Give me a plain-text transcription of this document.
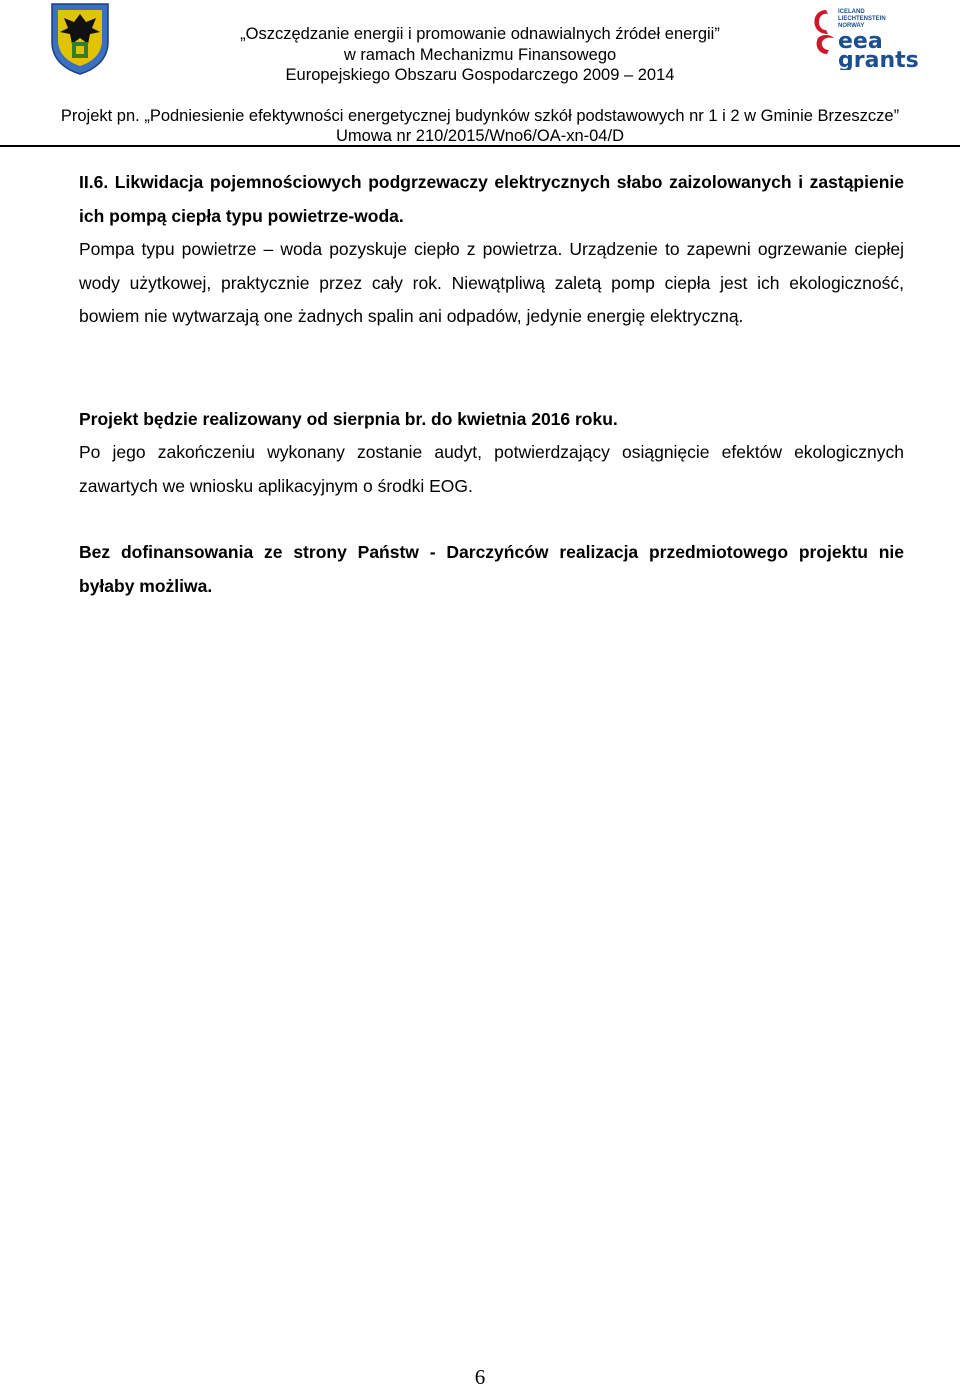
ICELAND
LIECHTENSTEIN
NORWAY
eea
grants
„Oszczędzanie energii i promowanie odnawialnych źródeł energii”
w ramach Mechanizmu Finansowego
Europejskiego Obszaru Gospodarczego 2009 – 2014
Projekt pn. „Podniesienie efektywności energetycznej budynków szkół podstawowych nr 1 i 2 w Gminie Brzeszcze”
Umowa nr 210/2015/Wno6/OA-xn-04/D
II.6. Likwidacja pojemnościowych podgrzewaczy elektrycznych słabo zaizolowanych i zastąpienie ich pompą ciepła typu powietrze-woda.
Pompa typu powietrze – woda pozyskuje ciepło z powietrza. Urządzenie to zapewni ogrzewanie ciepłej wody użytkowej, praktycznie przez cały rok. Niewątpliwą zaletą pomp ciepła jest ich ekologiczność, bowiem nie wytwarzają one żadnych spalin ani odpadów, jedynie energię elektryczną.
Projekt będzie realizowany od sierpnia br. do kwietnia 2016 roku.
Po jego zakończeniu wykonany zostanie audyt, potwierdzający osiągnięcie efektów ekologicznych zawartych we wniosku aplikacyjnym o środki EOG.
Bez dofinansowania ze strony Państw - Darczyńców realizacja przedmiotowego projektu nie byłaby możliwa.
6
